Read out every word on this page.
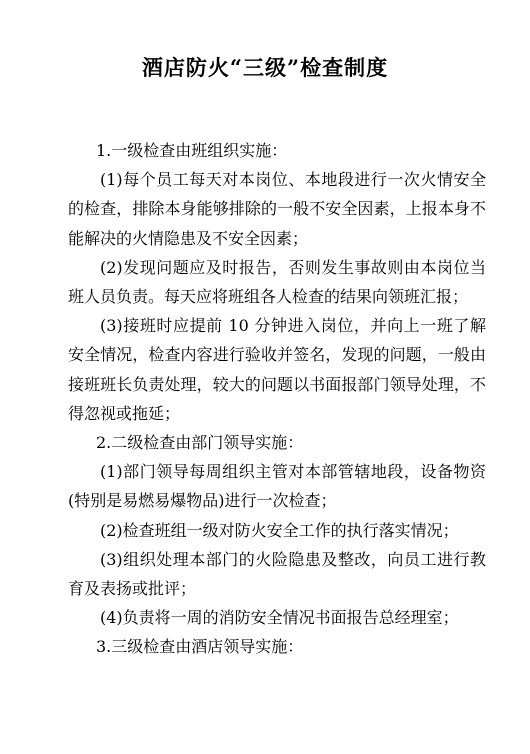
酒店防火“三级”检查制度

1.一级检查由班组织实施：

(1)每个员工每天对本岗位、本地段进行一次火情安全的检查，排除本身能够排除的一般不安全因素，上报本身不能解决的火情隐患及不安全因素；

(2)发现问题应及时报告，否则发生事故则由本岗位当班人员负责。每天应将班组各人检查的结果向领班汇报；

(3)接班时应提前 10 分钟进入岗位，并向上一班了解安全情况，检查内容进行验收并签名，发现的问题，一般由接班班长负责处理，较大的问题以书面报部门领导处理，不得忽视或拖延；

2.二级检查由部门领导实施：

(1)部门领导每周组织主管对本部管辖地段，设备物资(特别是易燃易爆物品)进行一次检查；

(2)检查班组一级对防火安全工作的执行落实情况；

(3)组织处理本部门的火险隐患及整改，向员工进行教育及表扬或批评；

(4)负责将一周的消防安全情况书面报告总经理室；

3.三级检查由酒店领导实施：
